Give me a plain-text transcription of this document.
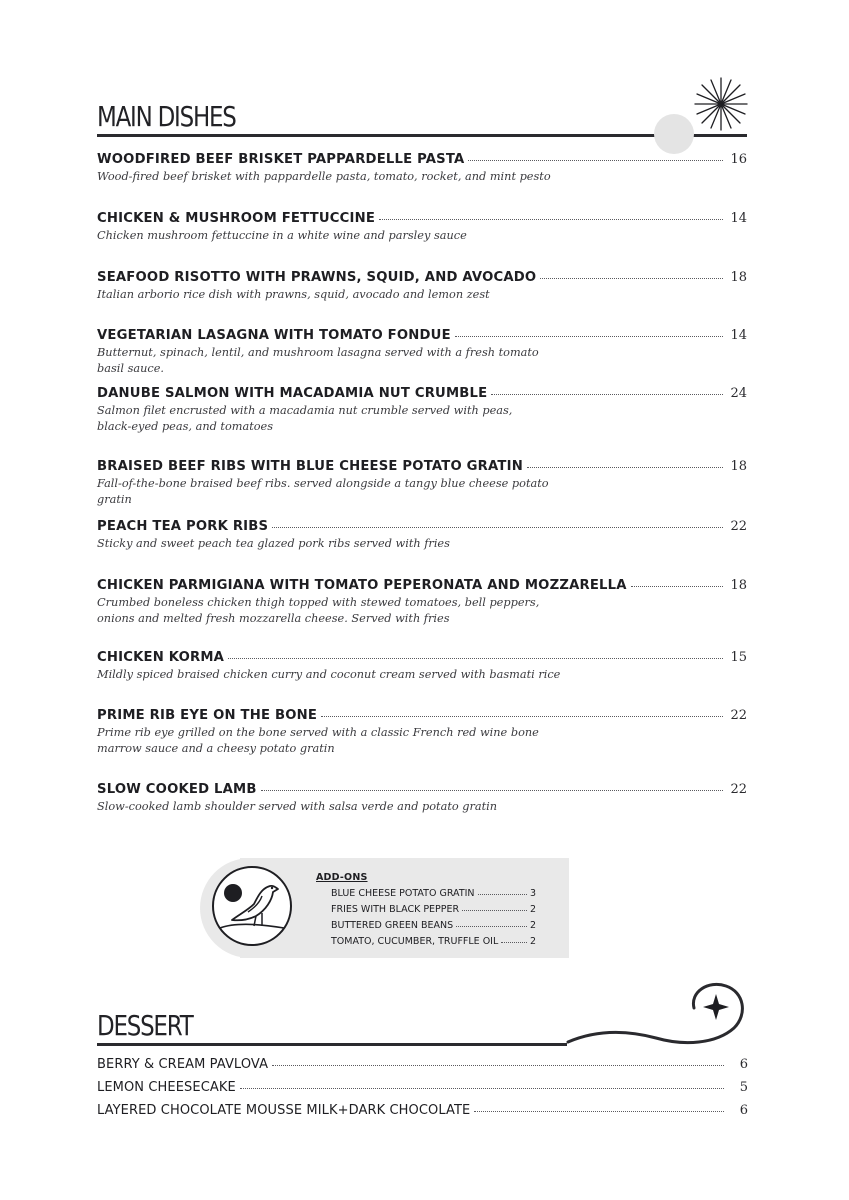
MAIN DISHES
WOODFIRED BEEF BRISKET PAPPARDELLE PASTA	16
Wood-fired beef brisket with pappardelle pasta, tomato, rocket, and mint pesto
CHICKEN & MUSHROOM FETTUCCINE	14
Chicken mushroom fettuccine in a white wine and parsley sauce
SEAFOOD RISOTTO WITH PRAWNS, SQUID, AND AVOCADO	18
Italian arborio rice dish with prawns, squid, avocado and lemon zest
VEGETARIAN LASAGNA WITH TOMATO FONDUE	14
Butternut, spinach, lentil, and mushroom lasagna served with a fresh tomato basil sauce.
DANUBE SALMON WITH MACADAMIA NUT CRUMBLE	24
Salmon filet encrusted with a macadamia nut crumble served with peas,
black-eyed peas, and tomatoes
BRAISED BEEF RIBS WITH BLUE CHEESE POTATO GRATIN	18
Fall-of-the-bone braised beef ribs. served alongside a tangy blue cheese potato gratin
PEACH TEA PORK RIBS	22
Sticky and sweet peach tea glazed pork ribs served with fries
CHICKEN PARMIGIANA WITH TOMATO PEPERONATA AND MOZZARELLA	18
Crumbed boneless chicken thigh topped with stewed tomatoes, bell peppers,
onions and melted fresh mozzarella cheese. Served with fries
CHICKEN KORMA	15
Mildly spiced braised chicken curry and coconut cream served with basmati rice
PRIME RIB EYE ON THE BONE	22
Prime rib eye grilled on the bone served with a classic French red wine bone
marrow sauce and a cheesy potato gratin
SLOW COOKED LAMB	22
Slow-cooked lamb shoulder served with salsa verde and potato gratin
ADD-ONS
BLUE CHEESE POTATO GRATIN	3
FRIES WITH BLACK PEPPER	2
BUTTERED GREEN BEANS	2
TOMATO, CUCUMBER, TRUFFLE OIL	2
DESSERT
BERRY & CREAM PAVLOVA	6
LEMON CHEESECAKE	5
LAYERED CHOCOLATE MOUSSE MILK+DARK CHOCOLATE	6
